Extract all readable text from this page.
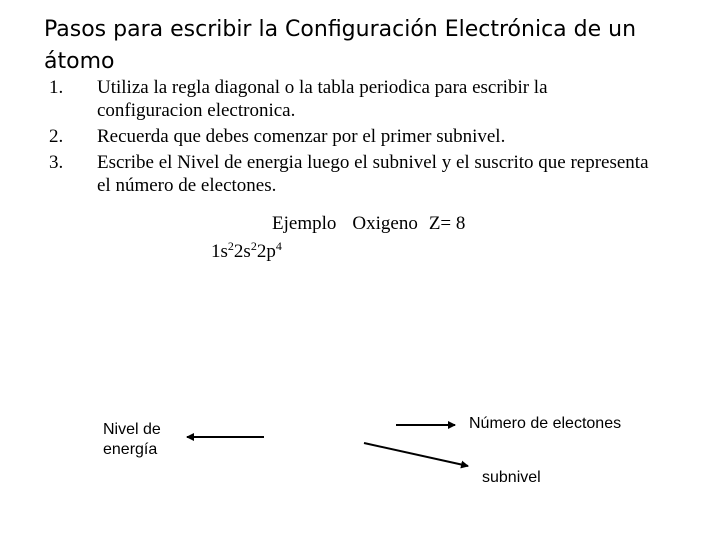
Pasos para escribir la Configuración Electrónica de un átomo
1. Utiliza la regla diagonal o la tabla periodica para escribir la
configuracion electronica.
2. Recuerda que debes comenzar por el primer subnivel.
3. Escribe el Nivel de energia luego el subnivel y el suscrito que representa
el número de electones.
Ejemplo Oxigeno Z= 8
$1s^22s^22p^4$
Nivel de energía
Número de electones
subnivel
